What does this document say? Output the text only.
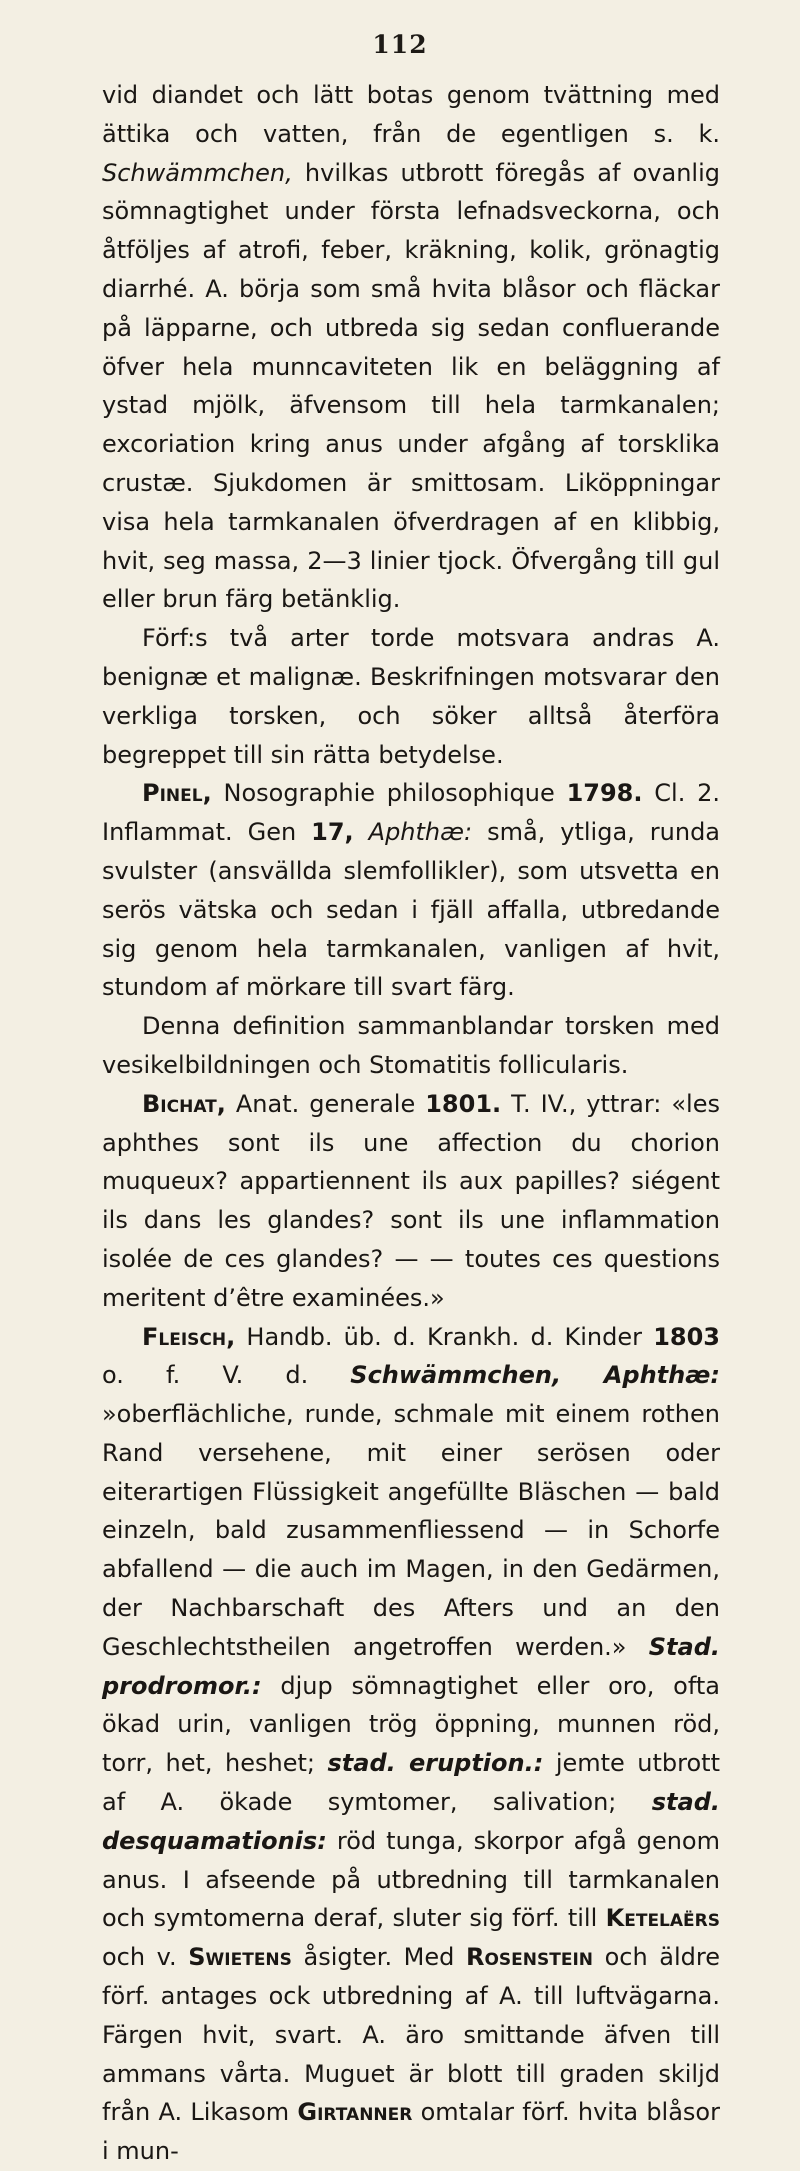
112

vid diandet och lätt botas genom tvättning med ättika och vatten, från de egentligen s. k. Schwämmchen, hvilkas utbrott föregås af ovanlig sömnagtighet under första lefnadsveckorna, och åtföljes af atrofi, feber, kräkning, kolik, grönagtig diarrhé. A. börja som små hvita blåsor och fläckar på läpparne, och utbreda sig sedan confluerande öfver hela munncaviteten lik en beläggning af ystad mjölk, äfvensom till hela tarmkanalen; excoriation kring anus under afgång af torsklika crustæ. Sjukdomen är smittosam. Liköppningar visa hela tarmkanalen öfverdragen af en klibbig, hvit, seg massa, 2—3 linier tjock. Öfvergång till gul eller brun färg betänklig.

Förf:s två arter torde motsvara andras A. benignæ et malignæ. Beskrifningen motsvarar den verkliga torsken, och söker alltså återföra begreppet till sin rätta betydelse.

Pinel, Nosographie philosophique 1798. Cl. 2. Inflammat. Gen 17, Aphthæ: små, ytliga, runda svulster (ansvällda slemfollikler), som utsvetta en serös vätska och sedan i fjäll affalla, utbredande sig genom hela tarmkanalen, vanligen af hvit, stundom af mörkare till svart färg.

Denna definition sammanblandar torsken med vesikelbildningen och Stomatitis follicularis.

Bichat, Anat. generale 1801. T. IV., yttrar: «les aphthes sont ils une affection du chorion muqueux? appartiennent ils aux papilles? siégent ils dans les glandes? sont ils une inflammation isolée de ces glandes? — — toutes ces questions meritent d’être examinées.»

Fleisch, Handb. üb. d. Krankh. d. Kinder 1803 o. f. V. d. Schwämmchen, Aphthæ: »oberflächliche, runde, schmale mit einem rothen Rand versehene, mit einer serösen oder eiterartigen Flüssigkeit angefüllte Bläschen — bald einzeln, bald zusammenfliessend — in Schorfe abfallend — die auch im Magen, in den Gedärmen, der Nachbarschaft des Afters und an den Geschlechtstheilen angetroffen werden.» Stad. prodromor.: djup sömnagtighet eller oro, ofta ökad urin, vanligen trög öppning, munnen röd, torr, het, heshet; stad. eruption.: jemte utbrott af A. ökade symtomer, salivation; stad. desquamationis: röd tunga, skorpor afgå genom anus. I afseende på utbredning till tarmkanalen och symtomerna deraf, sluter sig förf. till Ketelaërs och v. Swietens åsigter. Med Rosenstein och äldre förf. antages ock utbredning af A. till luftvägarna. Färgen hvit, svart. A. äro smittande äfven till ammans vårta. Muguet är blott till graden skiljd från A. Likasom Girtanner omtalar förf. hvita blåsor i mun-
